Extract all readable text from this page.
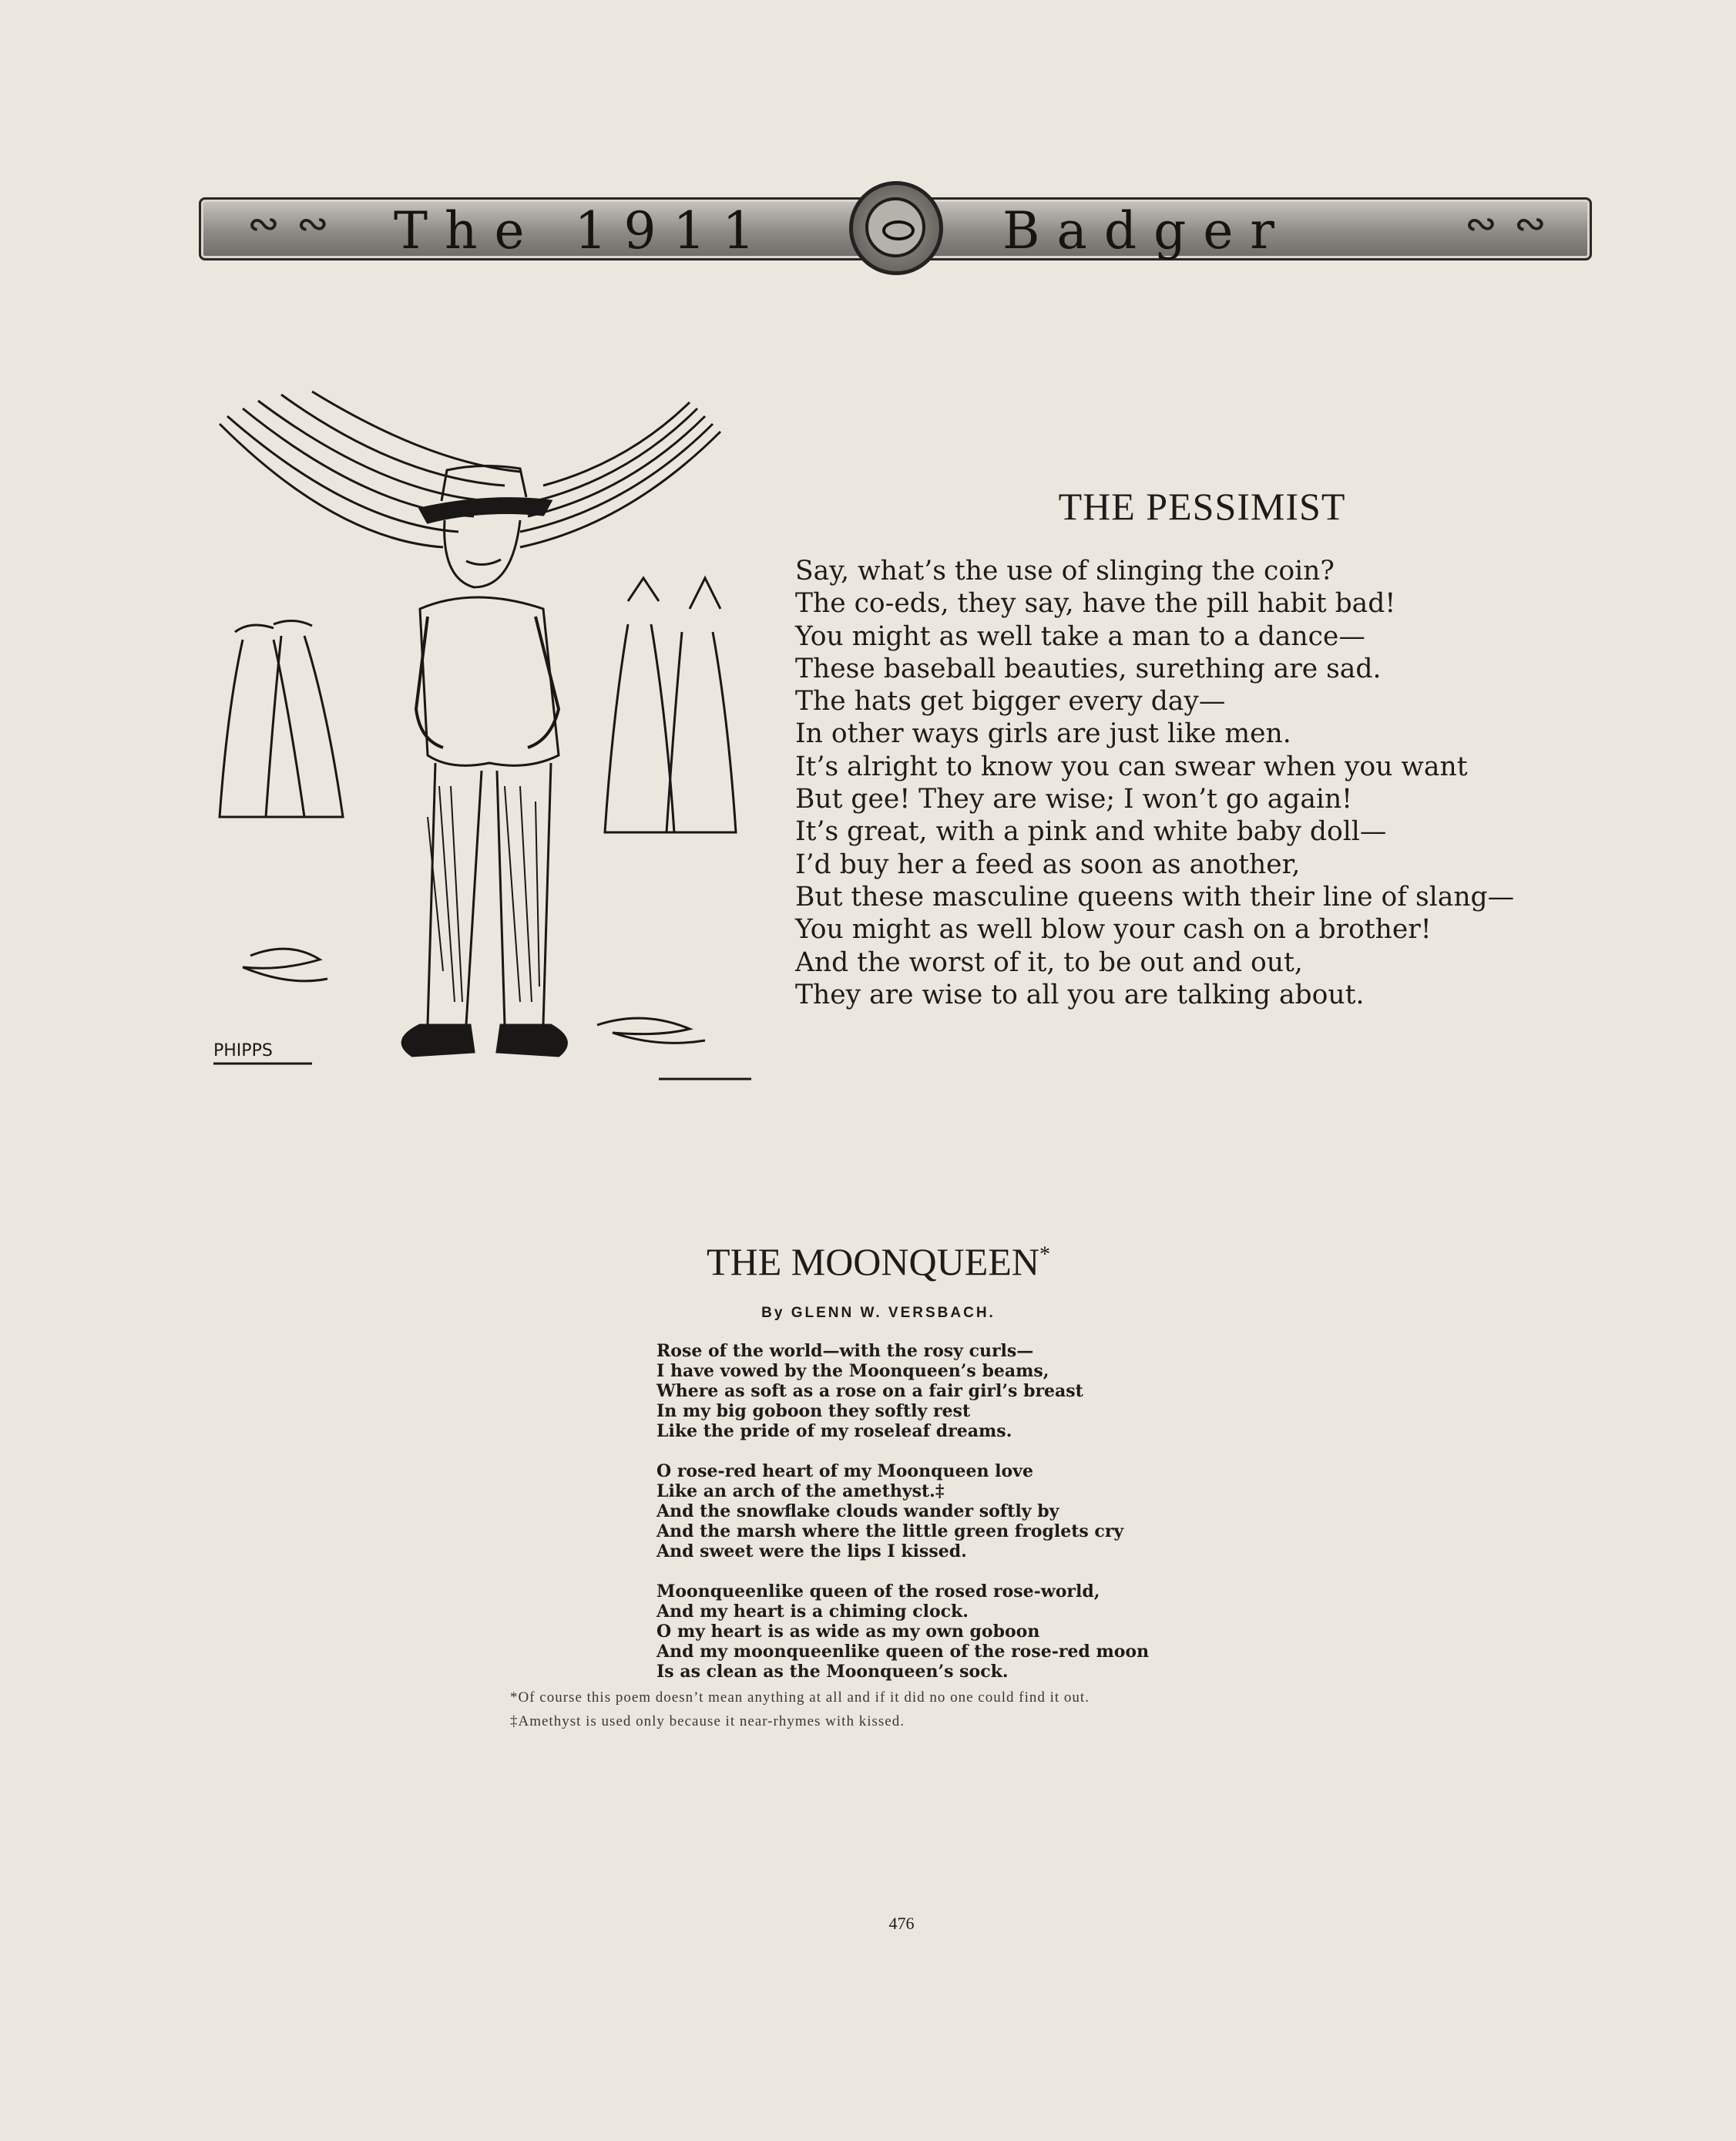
∾∾ The 1911	Badger	∾∾
PHIPPS
THE PESSIMIST
Say, what’s the use of slinging the coin?
The co-eds, they say, have the pill habit bad!
You might as well take a man to a dance—
These baseball beauties, surething are sad.
The hats get bigger every day—
In other ways girls are just like men.
It’s alright to know you can swear when you want
But gee! They are wise; I won’t go again!
It’s great, with a pink and white baby doll—
I’d buy her a feed as soon as another,
But these masculine queens with their line of slang—
You might as well blow your cash on a brother!
And the worst of it, to be out and out,
They are wise to all you are talking about.
THE MOONQUEEN*
By GLENN W. VERSBACH.
Rose of the world—with the rosy curls—
I have vowed by the Moonqueen’s beams,
Where as soft as a rose on a fair girl’s breast
In my big goboon they softly rest
Like the pride of my roseleaf dreams.
O rose-red heart of my Moonqueen love
Like an arch of the amethyst.‡
And the snowflake clouds wander softly by
And the marsh where the little green froglets cry
And sweet were the lips I kissed.
Moonqueenlike queen of the rosed rose-world,
And my heart is a chiming clock.
O my heart is as wide as my own goboon
And my moonqueenlike queen of the rose-red moon
Is as clean as the Moonqueen’s sock.
*Of course this poem doesn’t mean anything at all and if it did no one could find it out.
‡Amethyst is used only because it near-rhymes with kissed.
476
